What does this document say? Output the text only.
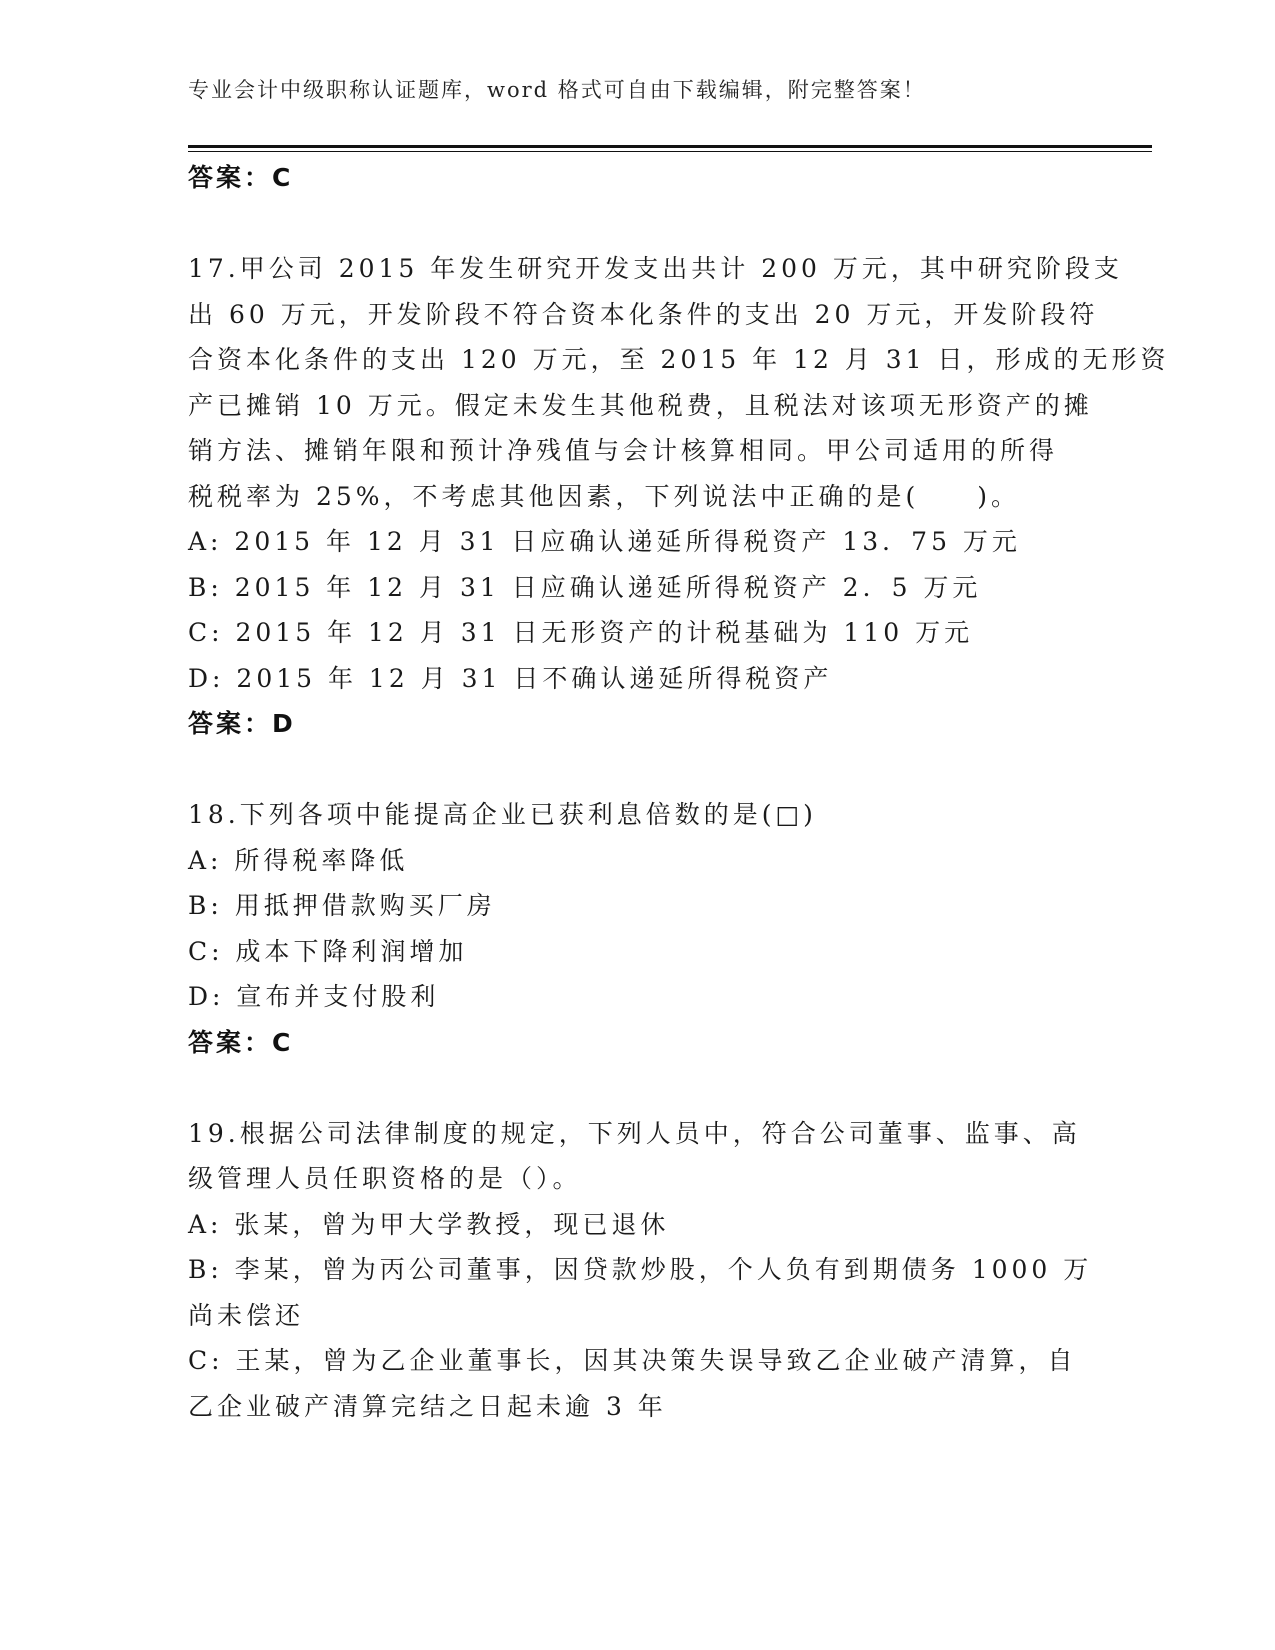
专业会计中级职称认证题库，word 格式可自由下载编辑，附完整答案！
答案：C
17.甲公司 2015 年发生研究开发支出共计 200 万元，其中研究阶段支
出 60 万元，开发阶段不符合资本化条件的支出 20 万元，开发阶段符
合资本化条件的支出 120 万元，至 2015 年 12 月 31 日，形成的无形资
产已摊销 10 万元。假定未发生其他税费，且税法对该项无形资产的摊
销方法、摊销年限和预计净残值与会计核算相同。甲公司适用的所得
税税率为 25%，不考虑其他因素，下列说法中正确的是(　　)。
A: 2015 年 12 月 31 日应确认递延所得税资产 13．75 万元
B: 2015 年 12 月 31 日应确认递延所得税资产 2．5 万元
C: 2015 年 12 月 31 日无形资产的计税基础为 110 万元
D: 2015 年 12 月 31 日不确认递延所得税资产
答案：D
18.下列各项中能提高企业已获利息倍数的是(□)
A: 所得税率降低
B: 用抵押借款购买厂房
C: 成本下降利润增加
D: 宣布并支付股利
答案：C
19.根据公司法律制度的规定，下列人员中，符合公司董事、监事、高
级管理人员任职资格的是（）。
A: 张某，曾为甲大学教授，现已退休
B: 李某，曾为丙公司董事，因贷款炒股，个人负有到期债务 1000 万
尚未偿还
C: 王某，曾为乙企业董事长，因其决策失误导致乙企业破产清算，自
乙企业破产清算完结之日起未逾 3 年
